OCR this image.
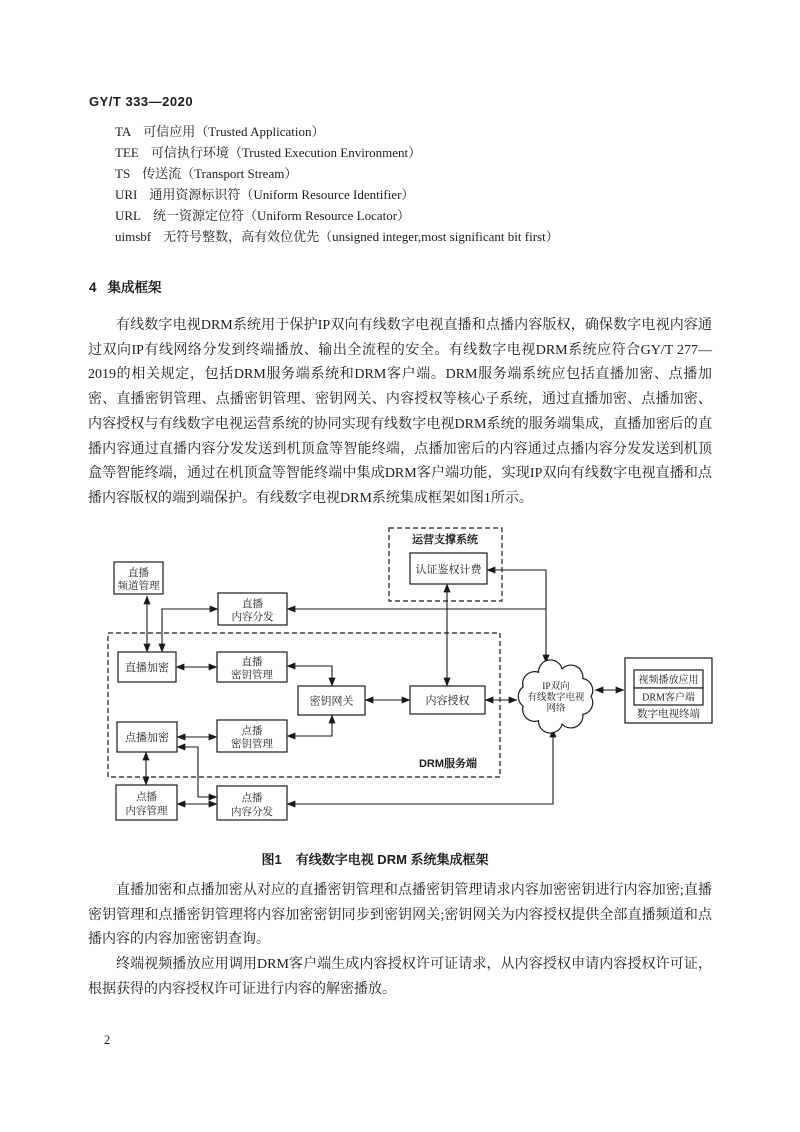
GY/T 333—2020
TA 可信应用（Trusted Application）
TEE 可信执行环境（Trusted Execution Environment）
TS 传送流（Transport Stream）
URI 通用资源标识符（Uniform Resource Identifier）
URL 统一资源定位符（Uniform Resource Locator）
uimsbf 无符号整数，高有效位优先（unsigned integer,most significant bit first）
4 集成框架

有线数字电视DRM系统用于保护IP双向有线数字电视直播和点播内容版权，确保数字电视内容通过双向IP有线网络分发到终端播放、输出全流程的安全。有线数字电视DRM系统应符合GY/T 277—2019的相关规定，包括DRM服务端系统和DRM客户端。DRM服务端系统应包括直播加密、点播加密、直播密钥管理、点播密钥管理、密钥网关、内容授权等核心子系统，通过直播加密、点播加密、内容授权与有线数字电视运营系统的协同实现有线数字电视DRM系统的服务端集成，直播加密后的直播内容通过直播内容分发发送到机顶盒等智能终端，点播加密后的内容通过点播内容分发发送到机顶盒等智能终端，通过在机顶盒等智能终端中集成DRM客户端功能，实现IP双向有线数字电视直播和点播内容版权的端到端保护。有线数字电视DRM系统集成框架如图1所示。

运营支撑系统
DRM服务端
直播
频道管理
直播
内容分发
认证鉴权计费
直播加密	直播
密钥管理
密钥网关	内容授权
点播加密
点播
密钥管理
点播
内容管理
点播
内容分发
IP双向
有线数字电视
网络
视频播放应用
DRM客户端
数字电视终端
图1 有线数字电视 DRM 系统集成框架

直播加密和点播加密从对应的直播密钥管理和点播密钥管理请求内容加密密钥进行内容加密;直播密钥管理和点播密钥管理将内容加密密钥同步到密钥网关;密钥网关为内容授权提供全部直播频道和点播内容的内容加密密钥查询。

终端视频播放应用调用DRM客户端生成内容授权许可证请求，从内容授权申请内容授权许可证，根据获得的内容授权许可证进行内容的解密播放。

2
